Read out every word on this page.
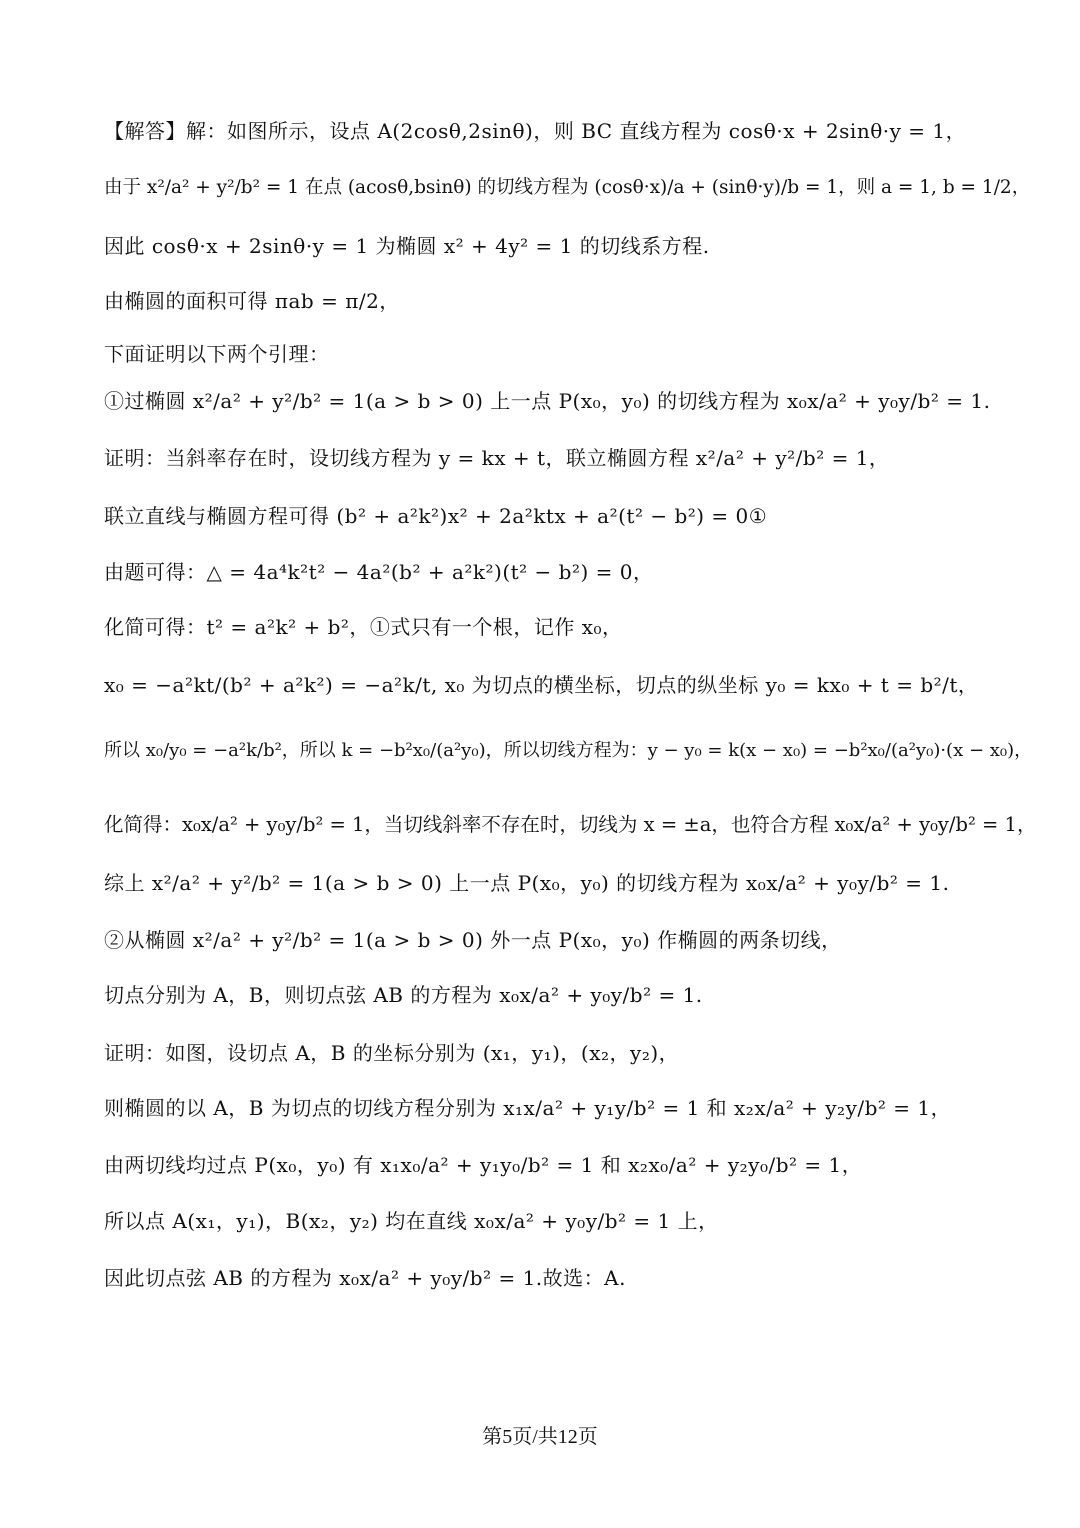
【解答】解：如图所示，设点 A(2cosθ,2sinθ)，则 BC 直线方程为 cosθ·x + 2sinθ·y = 1，
由于 x²/a² + y²/b² = 1 在点 (acosθ,bsinθ) 的切线方程为 (cosθ·x)/a + (sinθ·y)/b = 1，则 a = 1, b = 1/2，
因此 cosθ·x + 2sinθ·y = 1 为椭圆 x² + 4y² = 1 的切线系方程.
由椭圆的面积可得 πab = π/2，
下面证明以下两个引理：
①过椭圆 x²/a² + y²/b² = 1(a > b > 0) 上一点 P(x₀，y₀) 的切线方程为 x₀x/a² + y₀y/b² = 1.
证明：当斜率存在时，设切线方程为 y = kx + t，联立椭圆方程 x²/a² + y²/b² = 1，
联立直线与椭圆方程可得 (b² + a²k²)x² + 2a²ktx + a²(t² − b²) = 0①
由题可得：△ = 4a⁴k²t² − 4a²(b² + a²k²)(t² − b²) = 0，
化简可得：t² = a²k² + b²，①式只有一个根，记作 x₀，
x₀ = −a²kt/(b² + a²k²) = −a²k/t, x₀ 为切点的横坐标，切点的纵坐标 y₀ = kx₀ + t = b²/t，
所以 x₀/y₀ = −a²k/b²，所以 k = −b²x₀/(a²y₀)，所以切线方程为：y − y₀ = k(x − x₀) = −b²x₀/(a²y₀)·(x − x₀)，
化简得：x₀x/a² + y₀y/b² = 1，当切线斜率不存在时，切线为 x = ±a，也符合方程 x₀x/a² + y₀y/b² = 1，
综上 x²/a² + y²/b² = 1(a > b > 0) 上一点 P(x₀，y₀) 的切线方程为 x₀x/a² + y₀y/b² = 1.
②从椭圆 x²/a² + y²/b² = 1(a > b > 0) 外一点 P(x₀，y₀) 作椭圆的两条切线，
切点分别为 A，B，则切点弦 AB 的方程为 x₀x/a² + y₀y/b² = 1.
证明：如图，设切点 A，B 的坐标分别为 (x₁，y₁)，(x₂，y₂)，
则椭圆的以 A，B 为切点的切线方程分别为 x₁x/a² + y₁y/b² = 1 和 x₂x/a² + y₂y/b² = 1，
由两切线均过点 P(x₀，y₀) 有 x₁x₀/a² + y₁y₀/b² = 1 和 x₂x₀/a² + y₂y₀/b² = 1，
所以点 A(x₁，y₁)，B(x₂，y₂) 均在直线 x₀x/a² + y₀y/b² = 1 上，
因此切点弦 AB 的方程为 x₀x/a² + y₀y/b² = 1.故选：A.
第5页/共12页
